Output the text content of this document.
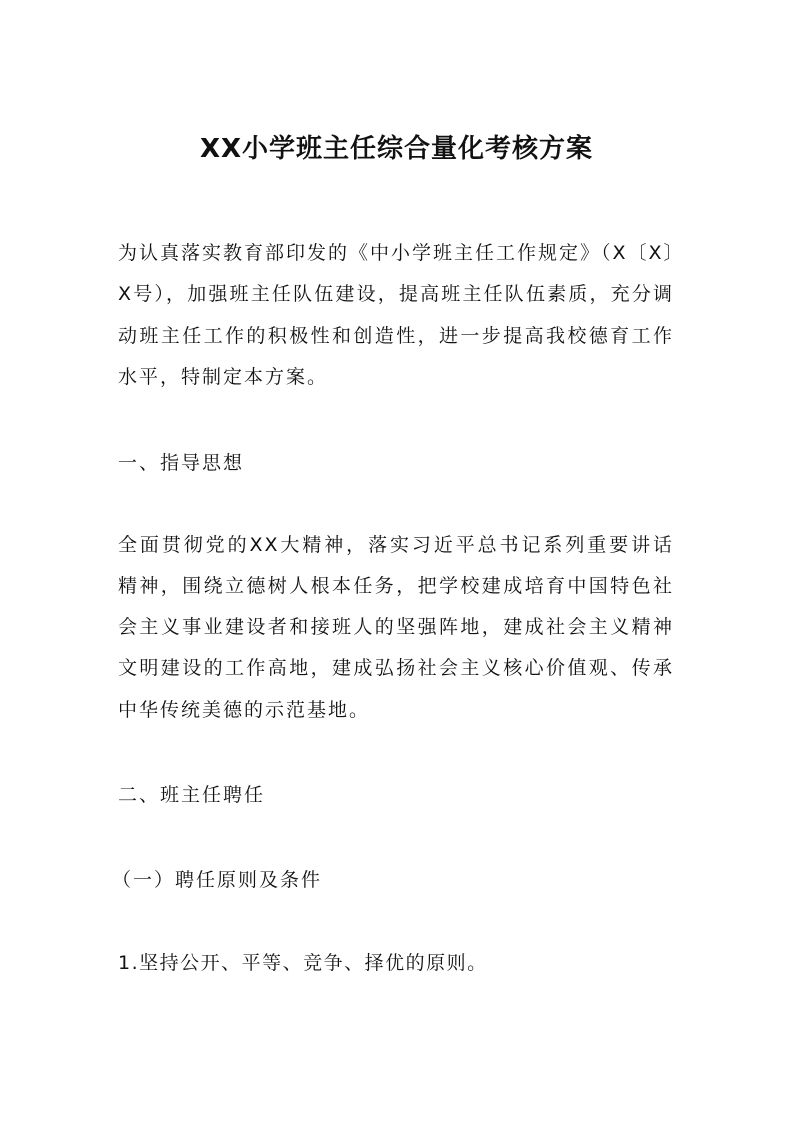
XX小学班主任综合量化考核方案
为认真落实教育部印发的《中小学班主任工作规定》（X〔X〕
X号），加强班主任队伍建设，提高班主任队伍素质，充分调
动班主任工作的积极性和创造性，进一步提高我校德育工作
水平，特制定本方案。
一、指导思想
全面贯彻党的XX大精神，落实习近平总书记系列重要讲话
精神，围绕立德树人根本任务，把学校建成培育中国特色社
会主义事业建设者和接班人的坚强阵地，建成社会主义精神
文明建设的工作高地，建成弘扬社会主义核心价值观、传承
中华传统美德的示范基地。
二、班主任聘任
（一）聘任原则及条件
1.坚持公开、平等、竞争、择优的原则。
